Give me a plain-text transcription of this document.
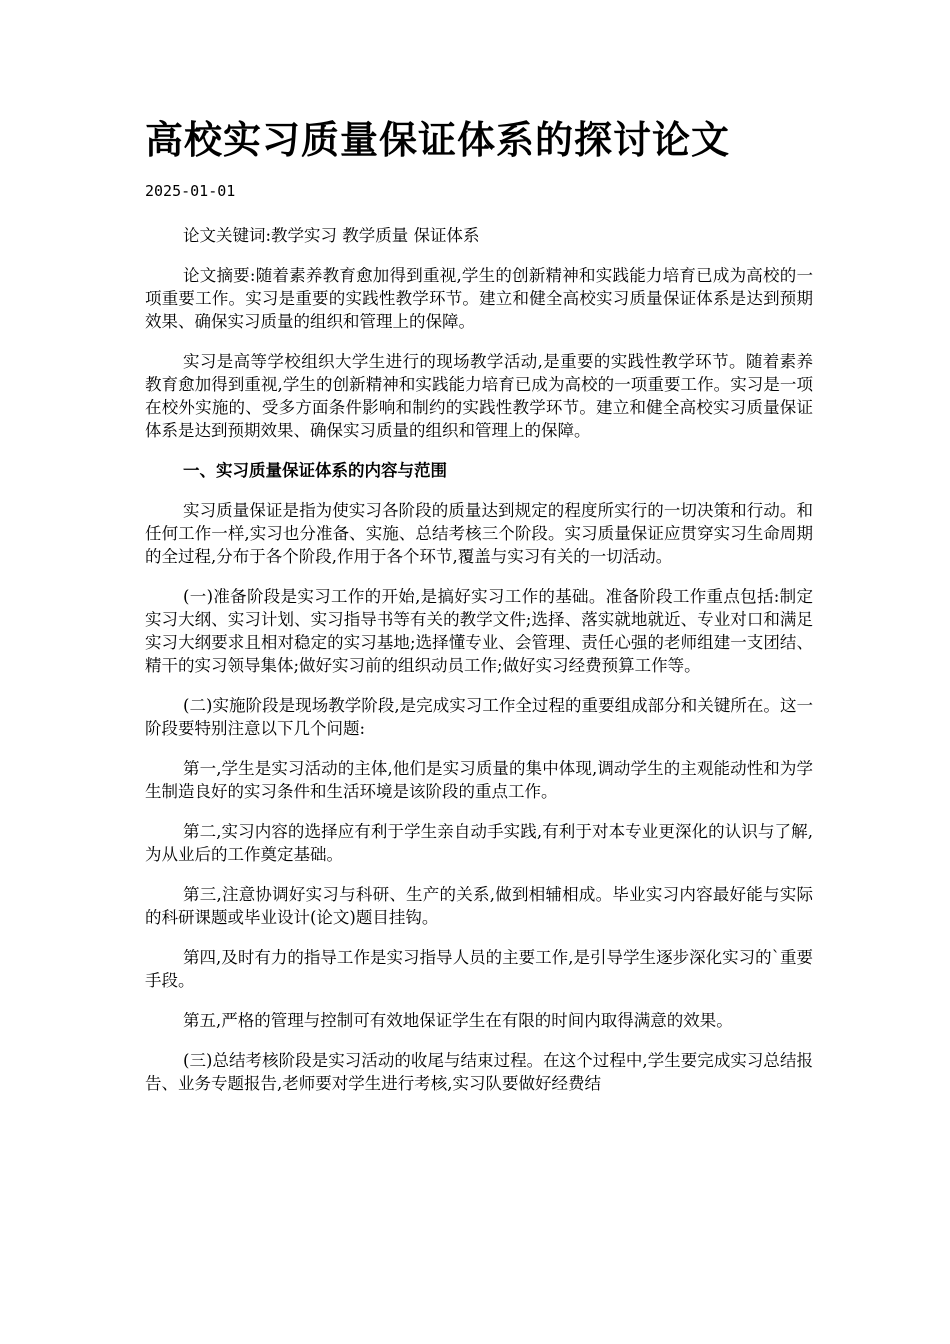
高校实习质量保证体系的探讨论文
2025-01-01

论文关键词:教学实习 教学质量 保证体系

论文摘要:随着素养教育愈加得到重视,学生的创新精神和实践能力培育已成为高校的一项重要工作。实习是重要的实践性教学环节。建立和健全高校实习质量保证体系是达到预期效果、确保实习质量的组织和管理上的保障。

实习是高等学校组织大学生进行的现场教学活动,是重要的实践性教学环节。随着素养教育愈加得到重视,学生的创新精神和实践能力培育已成为高校的一项重要工作。实习是一项在校外实施的、受多方面条件影响和制约的实践性教学环节。建立和健全高校实习质量保证体系是达到预期效果、确保实习质量的组织和管理上的保障。

一、实习质量保证体系的内容与范围

实习质量保证是指为使实习各阶段的质量达到规定的程度所实行的一切决策和行动。和任何工作一样,实习也分准备、实施、总结考核三个阶段。实习质量保证应贯穿实习生命周期的全过程,分布于各个阶段,作用于各个环节,覆盖与实习有关的一切活动。

(一)准备阶段是实习工作的开始,是搞好实习工作的基础。准备阶段工作重点包括:制定实习大纲、实习计划、实习指导书等有关的教学文件;选择、落实就地就近、专业对口和满足实习大纲要求且相对稳定的实习基地;选择懂专业、会管理、责任心强的老师组建一支团结、精干的实习领导集体;做好实习前的组织动员工作;做好实习经费预算工作等。

(二)实施阶段是现场教学阶段,是完成实习工作全过程的重要组成部分和关键所在。这一阶段要特别注意以下几个问题:

第一,学生是实习活动的主体,他们是实习质量的集中体现,调动学生的主观能动性和为学生制造良好的实习条件和生活环境是该阶段的重点工作。

第二,实习内容的选择应有利于学生亲自动手实践,有利于对本专业更深化的认识与了解,为从业后的工作奠定基础。

第三,注意协调好实习与科研、生产的关系,做到相辅相成。毕业实习内容最好能与实际的科研课题或毕业设计(论文)题目挂钩。

第四,及时有力的指导工作是实习指导人员的主要工作,是引导学生逐步深化实习的`重要手段。

第五,严格的管理与控制可有效地保证学生在有限的时间内取得满意的效果。

(三)总结考核阶段是实习活动的收尾与结束过程。在这个过程中,学生要完成实习总结报告、业务专题报告,老师要对学生进行考核,实习队要做好经费结
